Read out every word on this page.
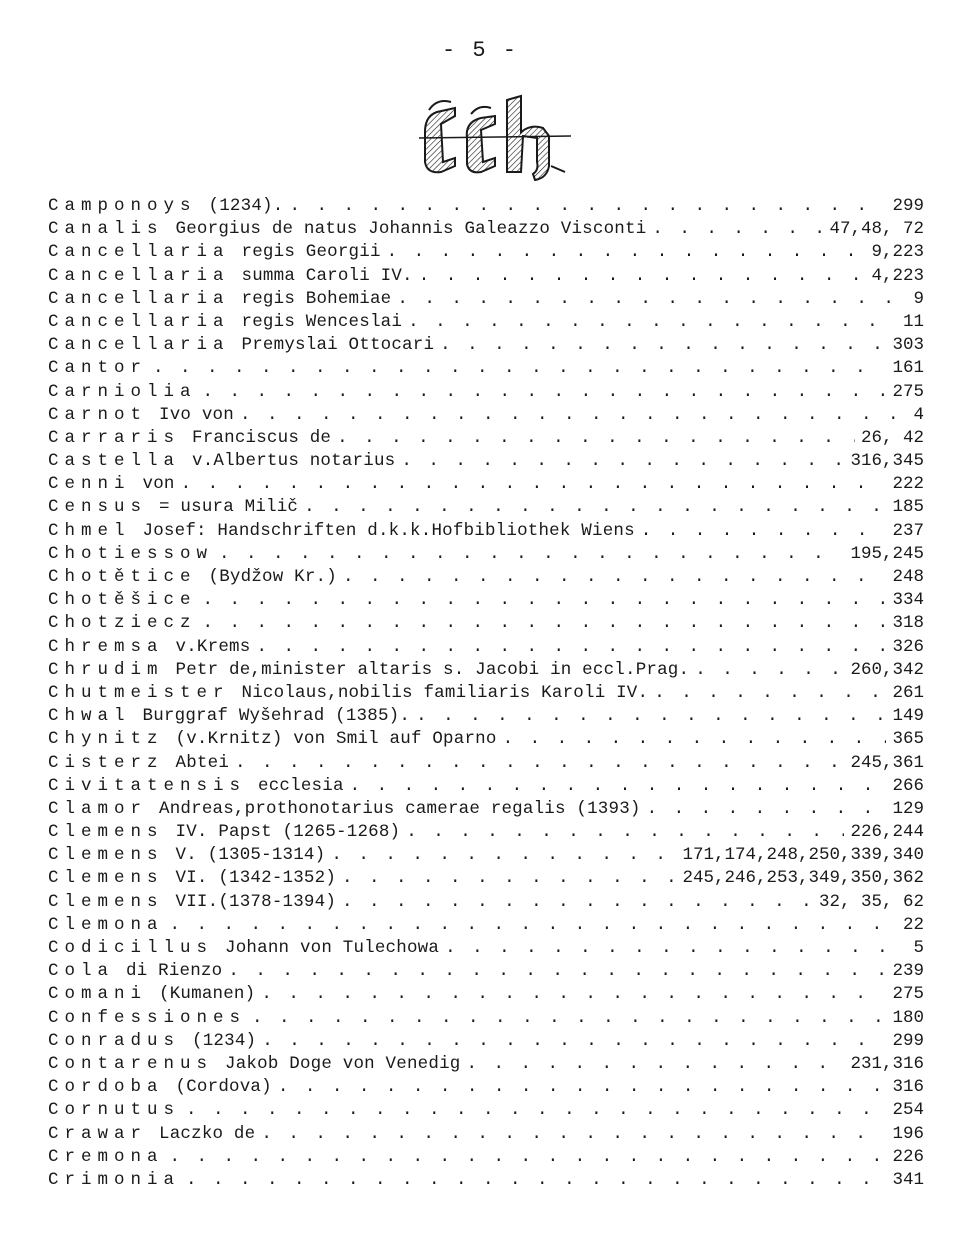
- 5 -
Camponoys (1234). . . .	299
Canalis Georgius de natus Johannis Galeazzo Visconti . . .	47,48, 72
Cancellaria regis Georgii . . .	9,223
Cancellaria summa Caroli IV. . . .	4,223
Cancellaria regis Bohemiae . . .	9
Cancellaria regis Wenceslai . . .	11
Cancellaria Premyslai Ottocari . . .	303
Cantor . . .	161
Carniolia . . .	275
Carnot Ivo von . . .	4
Carraris Franciscus de . . .	26, 42
Castella v.Albertus notarius . . .	316,345
Cenni von . . .	222
Census = usura Milič . . .	185
Chmel Josef: Handschriften d.k.k.Hofbibliothek Wiens . . .	237
Chotiessow . . .	195,245
Chotětice (Bydžow Kr.) . . .	248
Chotěšice . . .	334
Chotziecz . . .	318
Chremsa v.Krems . . .	326
Chrudim Petr de,minister altaris s. Jacobi in eccl.Prag. . . .	260,342
Chutmeister Nicolaus,nobilis familiaris Karoli IV. . . .	261
Chwal Burggraf Wyšehrad (1385). . . .	149
Chynitz (v.Krnitz) von Smil auf Oparno . . .	365
Cisterz Abtei . . .	245,361
Civitatensis ecclesia . . .	266
Clamor Andreas,prothonotarius camerae regalis (1393) . . .	129
Clemens IV. Papst (1265-1268) . . .	226,244
Clemens V. (1305-1314) . . .	171,174,248,250,339,340
Clemens VI. (1342-1352) . . .	245,246,253,349,350,362
Clemens VII.(1378-1394) . . .	32, 35, 62
Clemona . . .	22
Codicillus Johann von Tulechowa . . .	5
Cola di Rienzo . . .	239
Comani (Kumanen) . . .	275
Confessiones . . .	180
Conradus (1234) . . .	299
Contarenus Jakob Doge von Venedig . . .	231,316
Cordoba (Cordova) . . .	316
Cornutus . . .	254
Crawar Laczko de . . .	196
Cremona . . .	226
Crimonia . . .	341
